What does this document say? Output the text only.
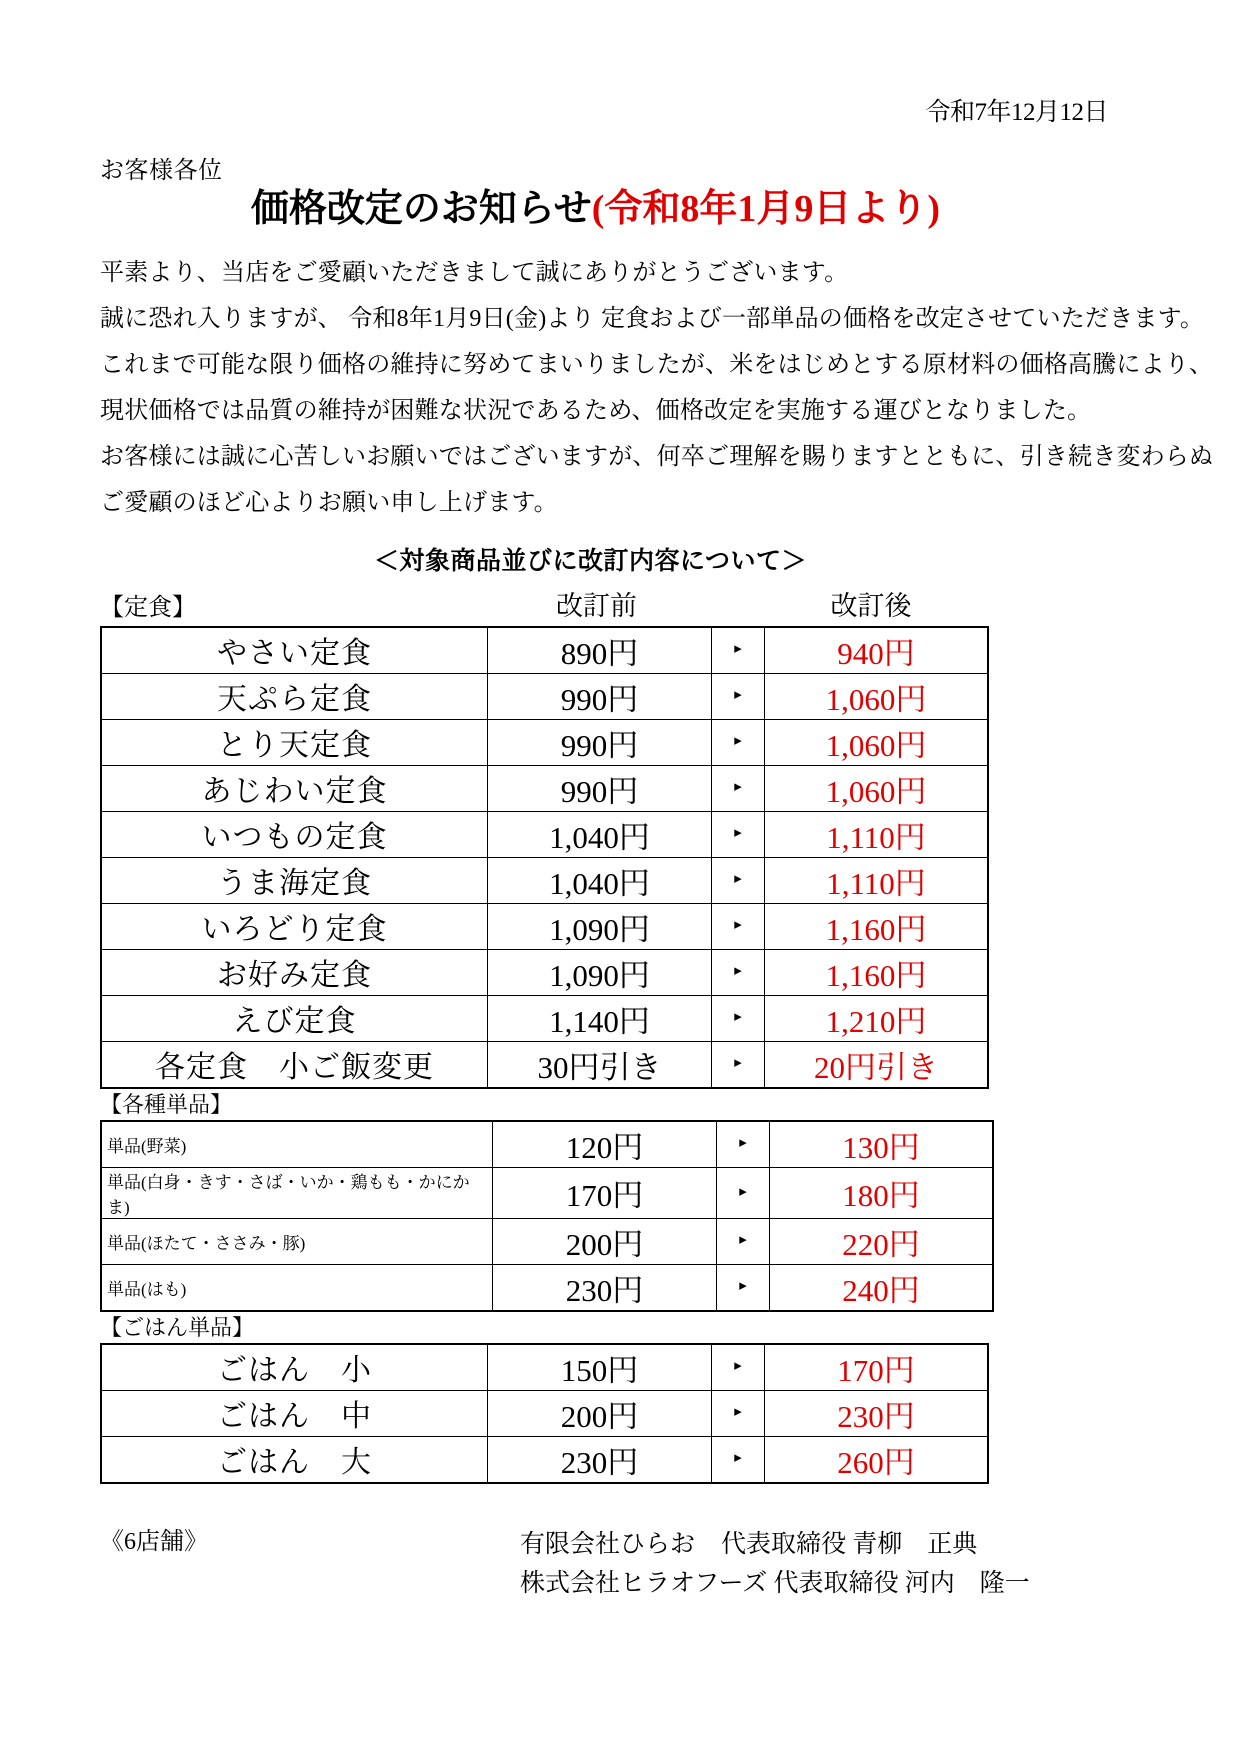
令和7年12月12日
お客様各位
価格改定のお知らせ(令和8年1月9日より)
平素より、当店をご愛顧いただきまして誠にありがとうございます。
誠に恐れ入りますが、 令和8年1月9日(金)より 定食および一部単品の価格を改定させていただきます。
これまで可能な限り価格の維持に努めてまいりましたが、米をはじめとする原材料の価格高騰により、
現状価格では品質の維持が困難な状況であるため、価格改定を実施する運びとなりました。
お客様には誠に心苦しいお願いではございますが、何卒ご理解を賜りますとともに、引き続き変わらぬ
ご愛顧のほど心よりお願い申し上げます。
＜対象商品並びに改訂内容について＞
【定食】	改訂前	改訂後
やさい定食	890円	▸	940円
天ぷら定食	990円	▸	1,060円
とり天定食	990円	▸	1,060円
あじわい定食	990円	▸	1,060円
いつもの定食	1,040円	▸	1,110円
うま海定食	1,040円	▸	1,110円
いろどり定食	1,090円	▸	1,160円
お好み定食	1,090円	▸	1,160円
えび定食	1,140円	▸	1,210円
各定食　小ご飯変更	30円引き	▸	20円引き
【各種単品】
単品(野菜)	120円	▸	130円
単品(白身・きす・さば・いか・鶏もも・かにかま)	170円	▸	180円
単品(ほたて・ささみ・豚)	200円	▸	220円
単品(はも)	230円	▸	240円
【ごはん単品】
ごはん　小	150円	▸	170円
ごはん　中	200円	▸	230円
ごはん　大	230円	▸	260円
《6店舗》	有限会社ひらお 代表取締役 青柳　正典
株式会社ヒラオフーズ 代表取締役 河内　隆一
